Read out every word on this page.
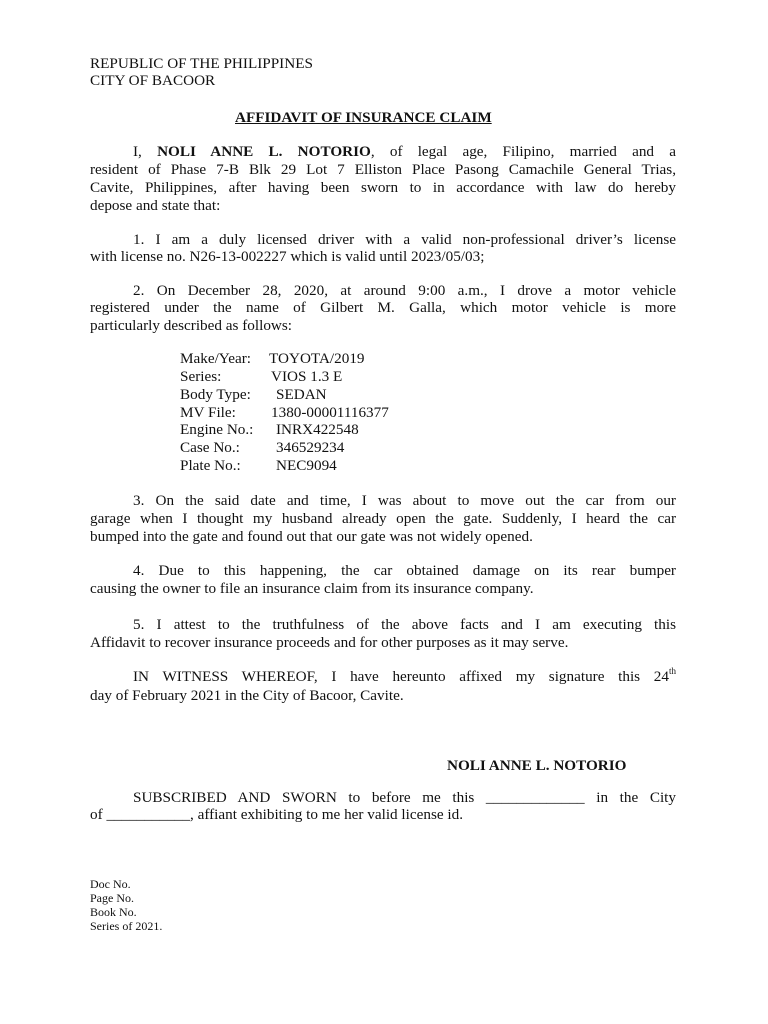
REPUBLIC OF THE PHILIPPINES
CITY OF BACOOR
AFFIDAVIT OF INSURANCE CLAIM
I, NOLI ANNE L. NOTORIO, of legal age, Filipino, married and a
resident of Phase 7-B Blk 29 Lot 7 Elliston Place Pasong Camachile General Trias,
Cavite, Philippines, after having been sworn to in accordance with law do hereby
depose and state that:
1. I am a duly licensed driver with a valid non-professional driver’s license
with license no. N26-13-002227 which is valid until 2023/05/03;
2. On December 28, 2020, at around 9:00 a.m., I drove a motor vehicle
registered under the name of Gilbert M. Galla, which motor vehicle is more
particularly described as follows:
Make/Year: TOYOTA/2019
Series:	VIOS 1.3 E
Body Type: SEDAN
MV File: 1380-00001116377
Engine No.: INRX422548
Case No.: 346529234
Plate No.: NEC9094
3. On the said date and time, I was about to move out the car from our
garage when I thought my husband already open the gate. Suddenly, I heard the car
bumped into the gate and found out that our gate was not widely opened.
4. Due to this happening, the car obtained damage on its rear bumper
causing the owner to file an insurance claim from its insurance company.
5. I attest to the truthfulness of the above facts and I am executing this
Affidavit to recover insurance proceeds and for other purposes as it may serve.
IN WITNESS WHEREOF, I have hereunto affixed my signature this 24th
day of February 2021 in the City of Bacoor, Cavite.
NOLI ANNE L. NOTORIO
SUBSCRIBED AND SWORN to before me this _____________ in the City
of ___________, affiant exhibiting to me her valid license id.
Doc No.
Page No.
Book No.
Series of 2021.
